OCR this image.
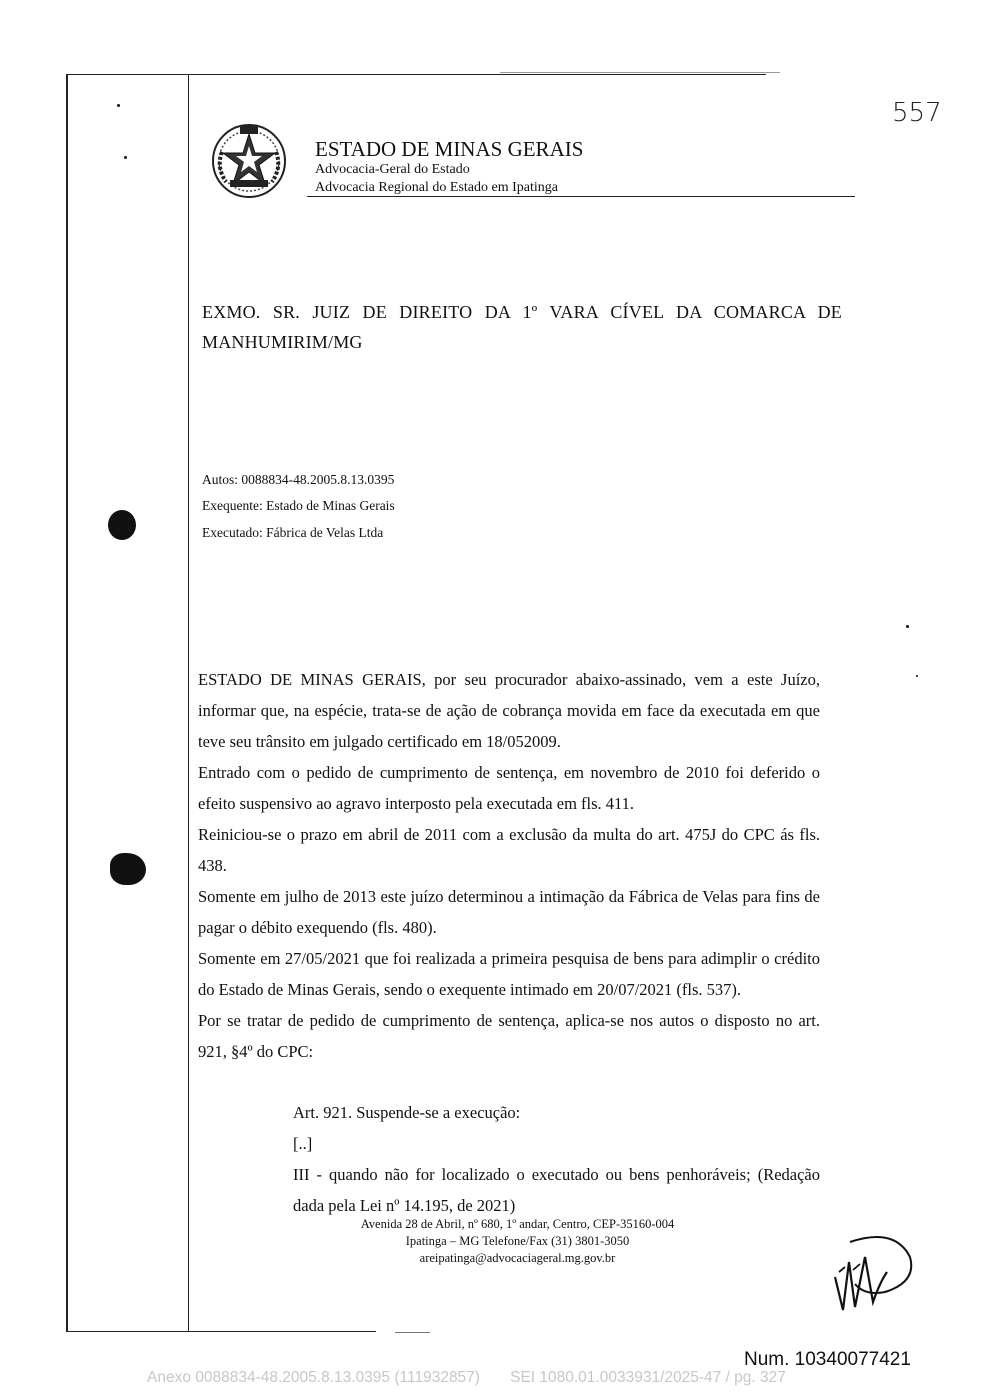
557
ESTADO DE MINAS GERAIS
Advocacia-Geral do Estado
Advocacia Regional do Estado em Ipatinga
EXMO. SR. JUIZ DE DIREITO DA 1º VARA CÍVEL DA COMARCA DE MANHUMIRIM/MG
Autos: 0088834-48.2005.8.13.0395
Exequente: Estado de Minas Gerais
Executado: Fábrica de Velas Ltda

ESTADO DE MINAS GERAIS, por seu procurador abaixo-assinado, vem a este Juízo, informar que, na espécie, trata-se de ação de cobrança movida em face da executada em que teve seu trânsito em julgado certificado em 18/052009.

Entrado com o pedido de cumprimento de sentença, em novembro de 2010 foi deferido o efeito suspensivo ao agravo interposto pela executada em fls. 411.

Reiniciou-se o prazo em abril de 2011 com a exclusão da multa do art. 475J do CPC ás fls. 438.

Somente em julho de 2013 este juízo determinou a intimação da Fábrica de Velas para fins de pagar o débito exequendo (fls. 480).

Somente em 27/05/2021 que foi realizada a primeira pesquisa de bens para adimplir o crédito do Estado de Minas Gerais, sendo o exequente intimado em 20/07/2021 (fls. 537).

Por se tratar de pedido de cumprimento de sentença, aplica-se nos autos o disposto no art. 921, §4º do CPC:

Art. 921. Suspende-se a execução:

[..]

III - quando não for localizado o executado ou bens penhoráveis; (Redação dada pela Lei nº 14.195, de 2021)

Avenida 28 de Abril, nº 680, 1º andar, Centro, CEP-35160-004
Ipatinga – MG Telefone/Fax (31) 3801-3050
areipatinga@advocaciageral.mg.gov.br
Num. 10340077421
Anexo 0088834-48.2005.8.13.0395 (111932857)       SEI 1080.01.0033931/2025-47 / pg. 327
